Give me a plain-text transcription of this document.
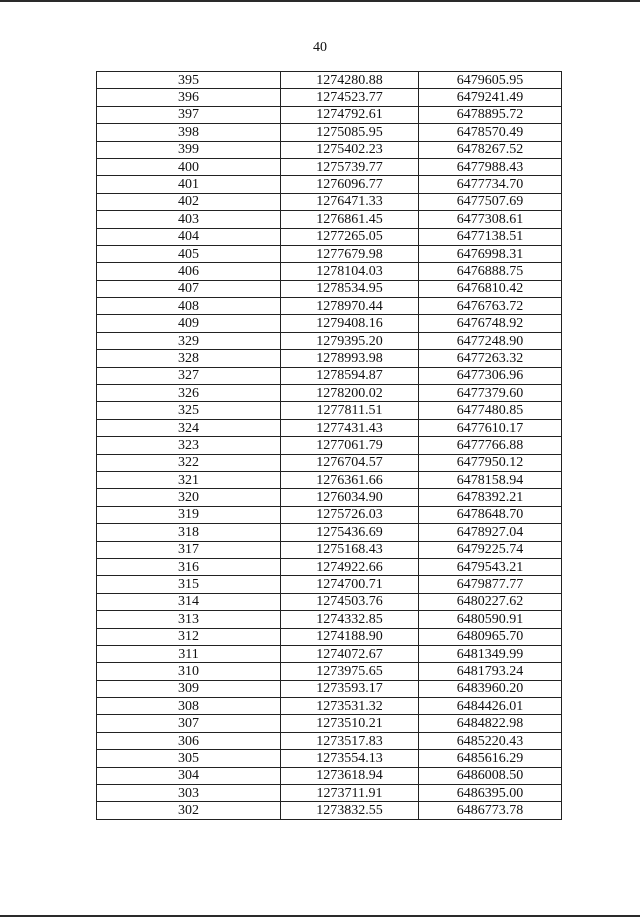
40
395	1274280.88	6479605.95
396	1274523.77	6479241.49
397	1274792.61	6478895.72
398	1275085.95	6478570.49
399	1275402.23	6478267.52
400	1275739.77	6477988.43
401	1276096.77	6477734.70
402	1276471.33	6477507.69
403	1276861.45	6477308.61
404	1277265.05	6477138.51
405	1277679.98	6476998.31
406	1278104.03	6476888.75
407	1278534.95	6476810.42
408	1278970.44	6476763.72
409	1279408.16	6476748.92
329	1279395.20	6477248.90
328	1278993.98	6477263.32
327	1278594.87	6477306.96
326	1278200.02	6477379.60
325	1277811.51	6477480.85
324	1277431.43	6477610.17
323	1277061.79	6477766.88
322	1276704.57	6477950.12
321	1276361.66	6478158.94
320	1276034.90	6478392.21
319	1275726.03	6478648.70
318	1275436.69	6478927.04
317	1275168.43	6479225.74
316	1274922.66	6479543.21
315	1274700.71	6479877.77
314	1274503.76	6480227.62
313	1274332.85	6480590.91
312	1274188.90	6480965.70
311	1274072.67	6481349.99
310	1273975.65	6481793.24
309	1273593.17	6483960.20
308	1273531.32	6484426.01
307	1273510.21	6484822.98
306	1273517.83	6485220.43
305	1273554.13	6485616.29
304	1273618.94	6486008.50
303	1273711.91	6486395.00
302	1273832.55	6486773.78
